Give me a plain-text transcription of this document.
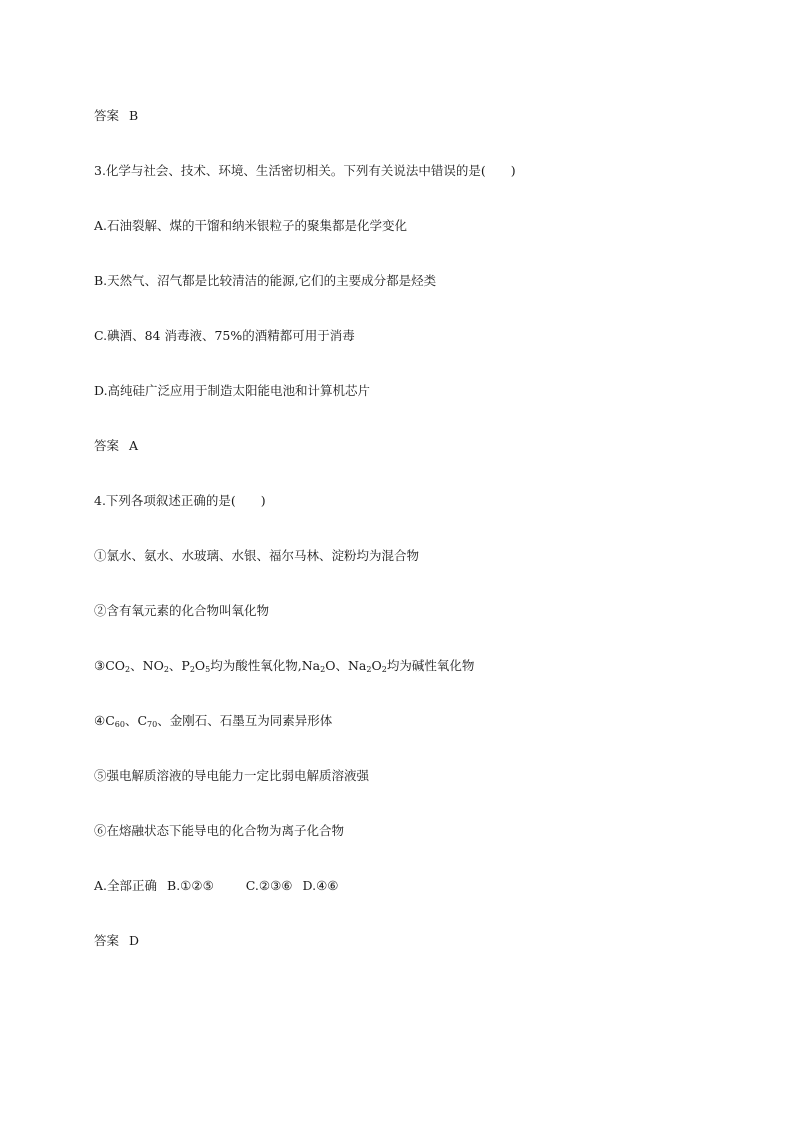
答案 B
3.化学与社会、技术、环境、生活密切相关。下列有关说法中错误的是(　　)
A.石油裂解、煤的干馏和纳米银粒子的聚集都是化学变化
B.天然气、沼气都是比较清洁的能源,它们的主要成分都是烃类
C.碘酒、84 消毒液、75%的酒精都可用于消毒
D.高纯硅广泛应用于制造太阳能电池和计算机芯片
答案 A
4.下列各项叙述正确的是(　　)
①氯水、氨水、水玻璃、水银、福尔马林、淀粉均为混合物
②含有氧元素的化合物叫氧化物
$③CO_2$、$NO_2$、$P_2O_5$均为酸性氧化物$,Na_2O$、$Na_2O_2$均为碱性氧化物
$④C_{60}$、$C_{70}$、金刚石、石墨互为同素异形体
⑤强电解质溶液的导电能力一定比弱电解质溶液强
⑥在熔融状态下能导电的化合物为离子化合物
A.全部正确 B.①②⑤	C.②③⑥ D.④⑥
答案 D
